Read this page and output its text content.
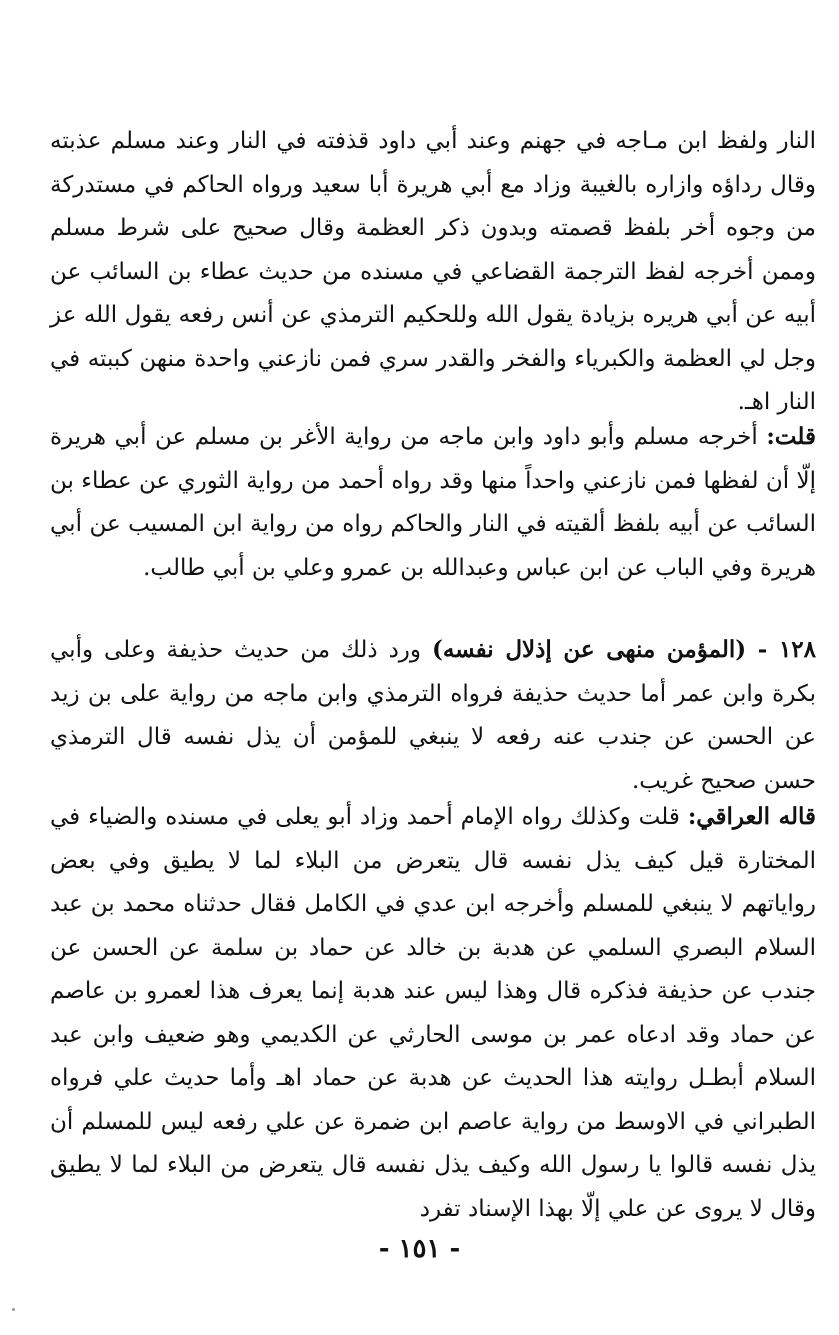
النار ولفظ ابن مـاجه في جهنم وعند أبي داود قذفته في النار وعند مسلم عذبته وقال رداؤه وازاره بالغيبة وزاد مع أبي هريرة أبا سعيد ورواه الحاكم في مستدركة من وجوه أخر بلفظ قصمته وبدون ذكر العظمة وقال صحيح على شرط مسلم وممن أخرجه لفظ الترجمة القضاعي في مسنده من حديث عطاء بن السائب عن أبيه عن أبي هريره بزيادة يقول الله وللحكيم الترمذي عن أنس رفعه يقول الله عز وجل لي العظمة والكبرياء والفخر والقدر سري فمن نازعني واحدة منهن كببته في النار اهـ.
قلت: أخرجه مسلم وأبو داود وابن ماجه من رواية الأغر بن مسلم عن أبي هريرة إلّا أن لفظها فمن نازعني واحداً منها وقد رواه أحمد من رواية الثوري عن عطاء بن السائب عن أبيه بلفظ ألقيته في النار والحاكم رواه من رواية ابن المسيب عن أبي هريرة وفي الباب عن ابن عباس وعبدالله بن عمرو وعلي بن أبي طالب.
١٢٨ - (المؤمن منهى عن إذلال نفسه) ورد ذلك من حديث حذيفة وعلى وأبي بكرة وابن عمر أما حديث حذيفة فرواه الترمذي وابن ماجه من رواية على بن زيد عن الحسن عن جندب عنه رفعه لا ينبغي للمؤمن أن يذل نفسه قال الترمذي حسن صحيح غريب.
قاله العراقي: قلت وكذلك رواه الإمام أحمد وزاد أبو يعلى في مسنده والضياء في المختارة قيل كيف يذل نفسه قال يتعرض من البلاء لما لا يطيق وفي بعض رواياتهم لا ينبغي للمسلم وأخرجه ابن عدي في الكامل فقال حدثناه محمد بن عبد السلام البصري السلمي عن هدبة بن خالد عن حماد بن سلمة عن الحسن عن جندب عن حذيفة فذكره قال وهذا ليس عند هدبة إنما يعرف هذا لعمرو بن عاصم عن حماد وقد ادعاه عمر بن موسى الحارثي عن الكديمي وهو ضعيف وابن عبد السلام أبطـل روايته هذا الحديث عن هدبة عن حماد اهـ وأما حديث علي فرواه الطبراني في الاوسط من رواية عاصم ابن ضمرة عن علي رفعه ليس للمسلم أن يذل نفسه قالوا يا رسول الله وكيف يذل نفسه قال يتعرض من البلاء لما لا يطيق وقال لا يروى عن علي إلّا بهذا الإسناد تفرد
- ١٥١ -
